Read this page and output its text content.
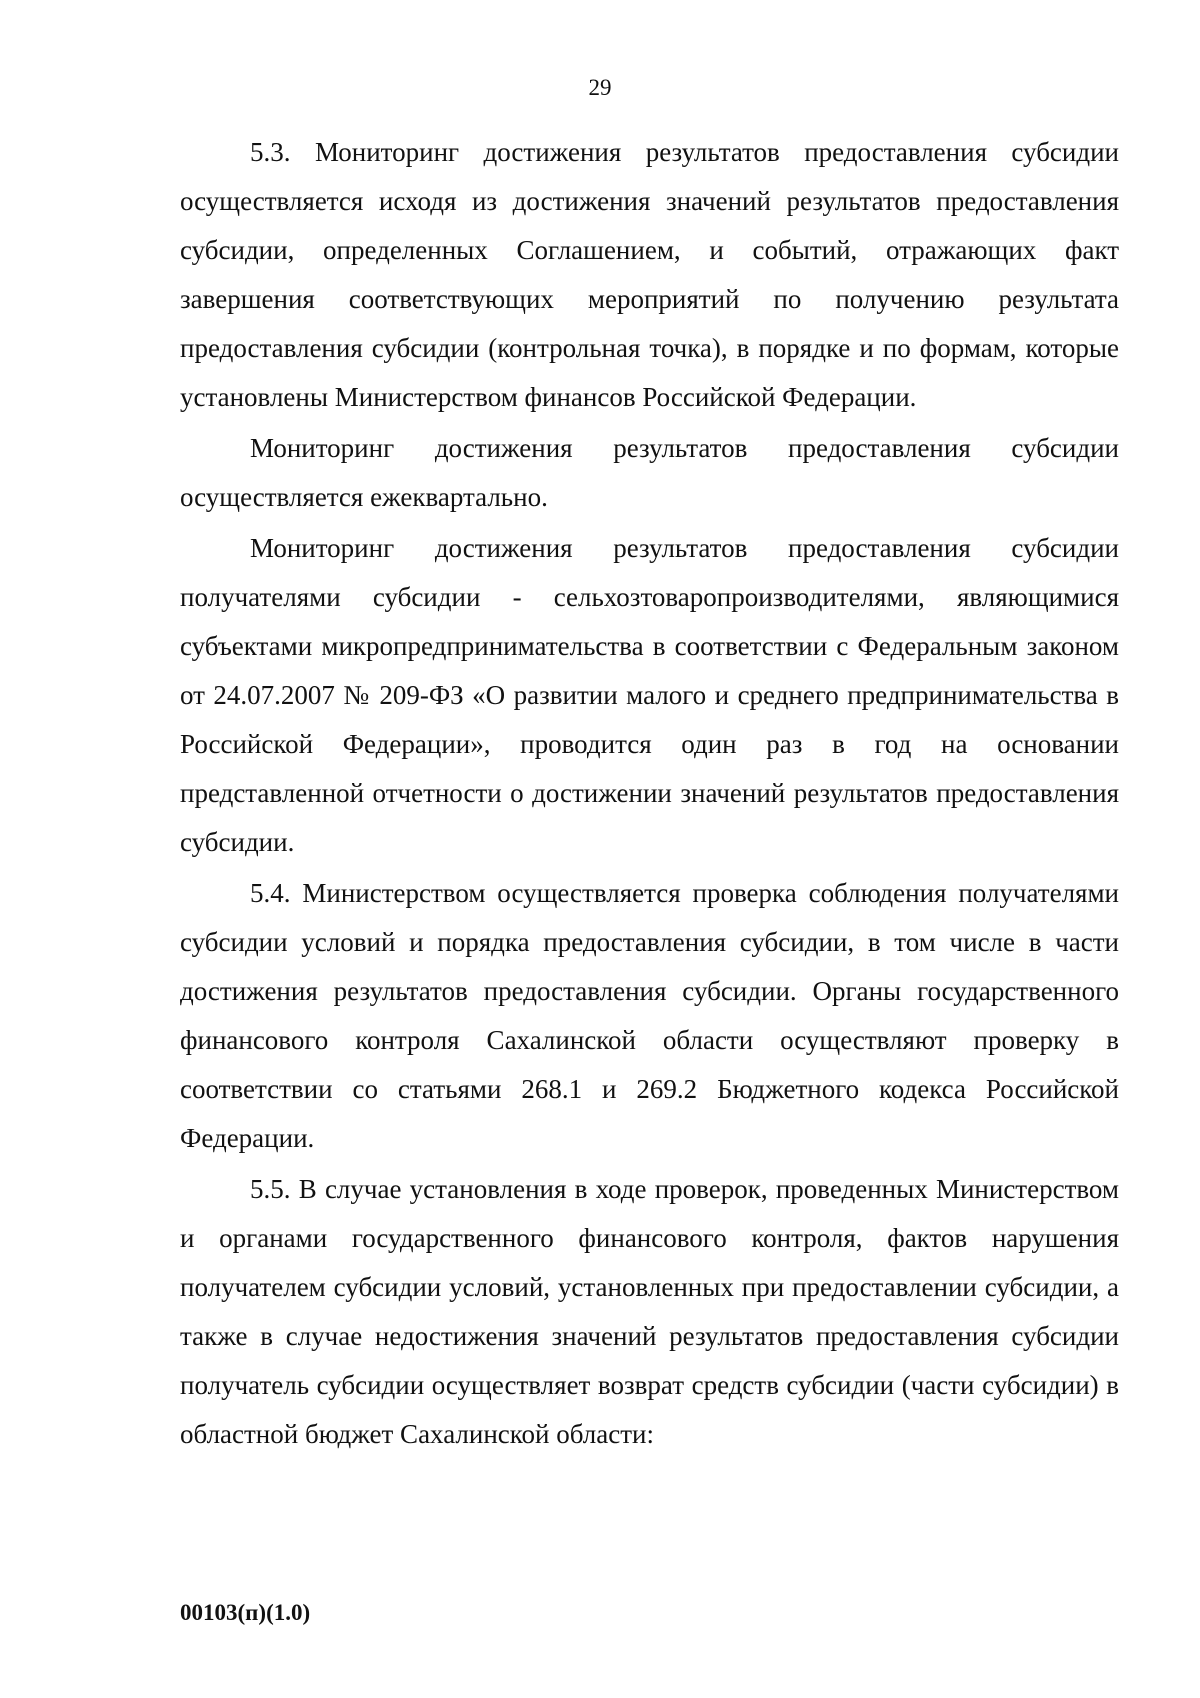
29

5.3. Мониторинг достижения результатов предоставления субсидии осуществляется исходя из достижения значений результатов предоставления субсидии, определенных Соглашением, и событий, отражающих факт завершения соответствующих мероприятий по получению результата предоставления субсидии (контрольная точка), в порядке и по формам, которые установлены Министерством финансов Российской Федерации.

Мониторинг достижения результатов предоставления субсидии осуществляется ежеквартально.

Мониторинг достижения результатов предоставления субсидии получателями субсидии - сельхозтоваропроизводителями, являющимися субъектами микропредпринимательства в соответствии с Федеральным законом от 24.07.2007 № 209-ФЗ «О развитии малого и среднего предпринимательства в Российской Федерации», проводится один раз в год на основании представленной отчетности о достижении значений результатов предоставления субсидии.

5.4. Министерством осуществляется проверка соблюдения получателями субсидии условий и порядка предоставления субсидии, в том числе в части достижения результатов предоставления субсидии. Органы государственного финансового контроля Сахалинской области осуществляют проверку в соответствии со статьями 268.1 и 269.2 Бюджетного кодекса Российской Федерации.

5.5. В случае установления в ходе проверок, проведенных Министерством и органами государственного финансового контроля, фактов нарушения получателем субсидии условий, установленных при предоставлении субсидии, а также в случае недостижения значений результатов предоставления субсидии получатель субсидии осуществляет возврат средств субсидии (части субсидии) в областной бюджет Сахалинской области:

00103(п)(1.0)
